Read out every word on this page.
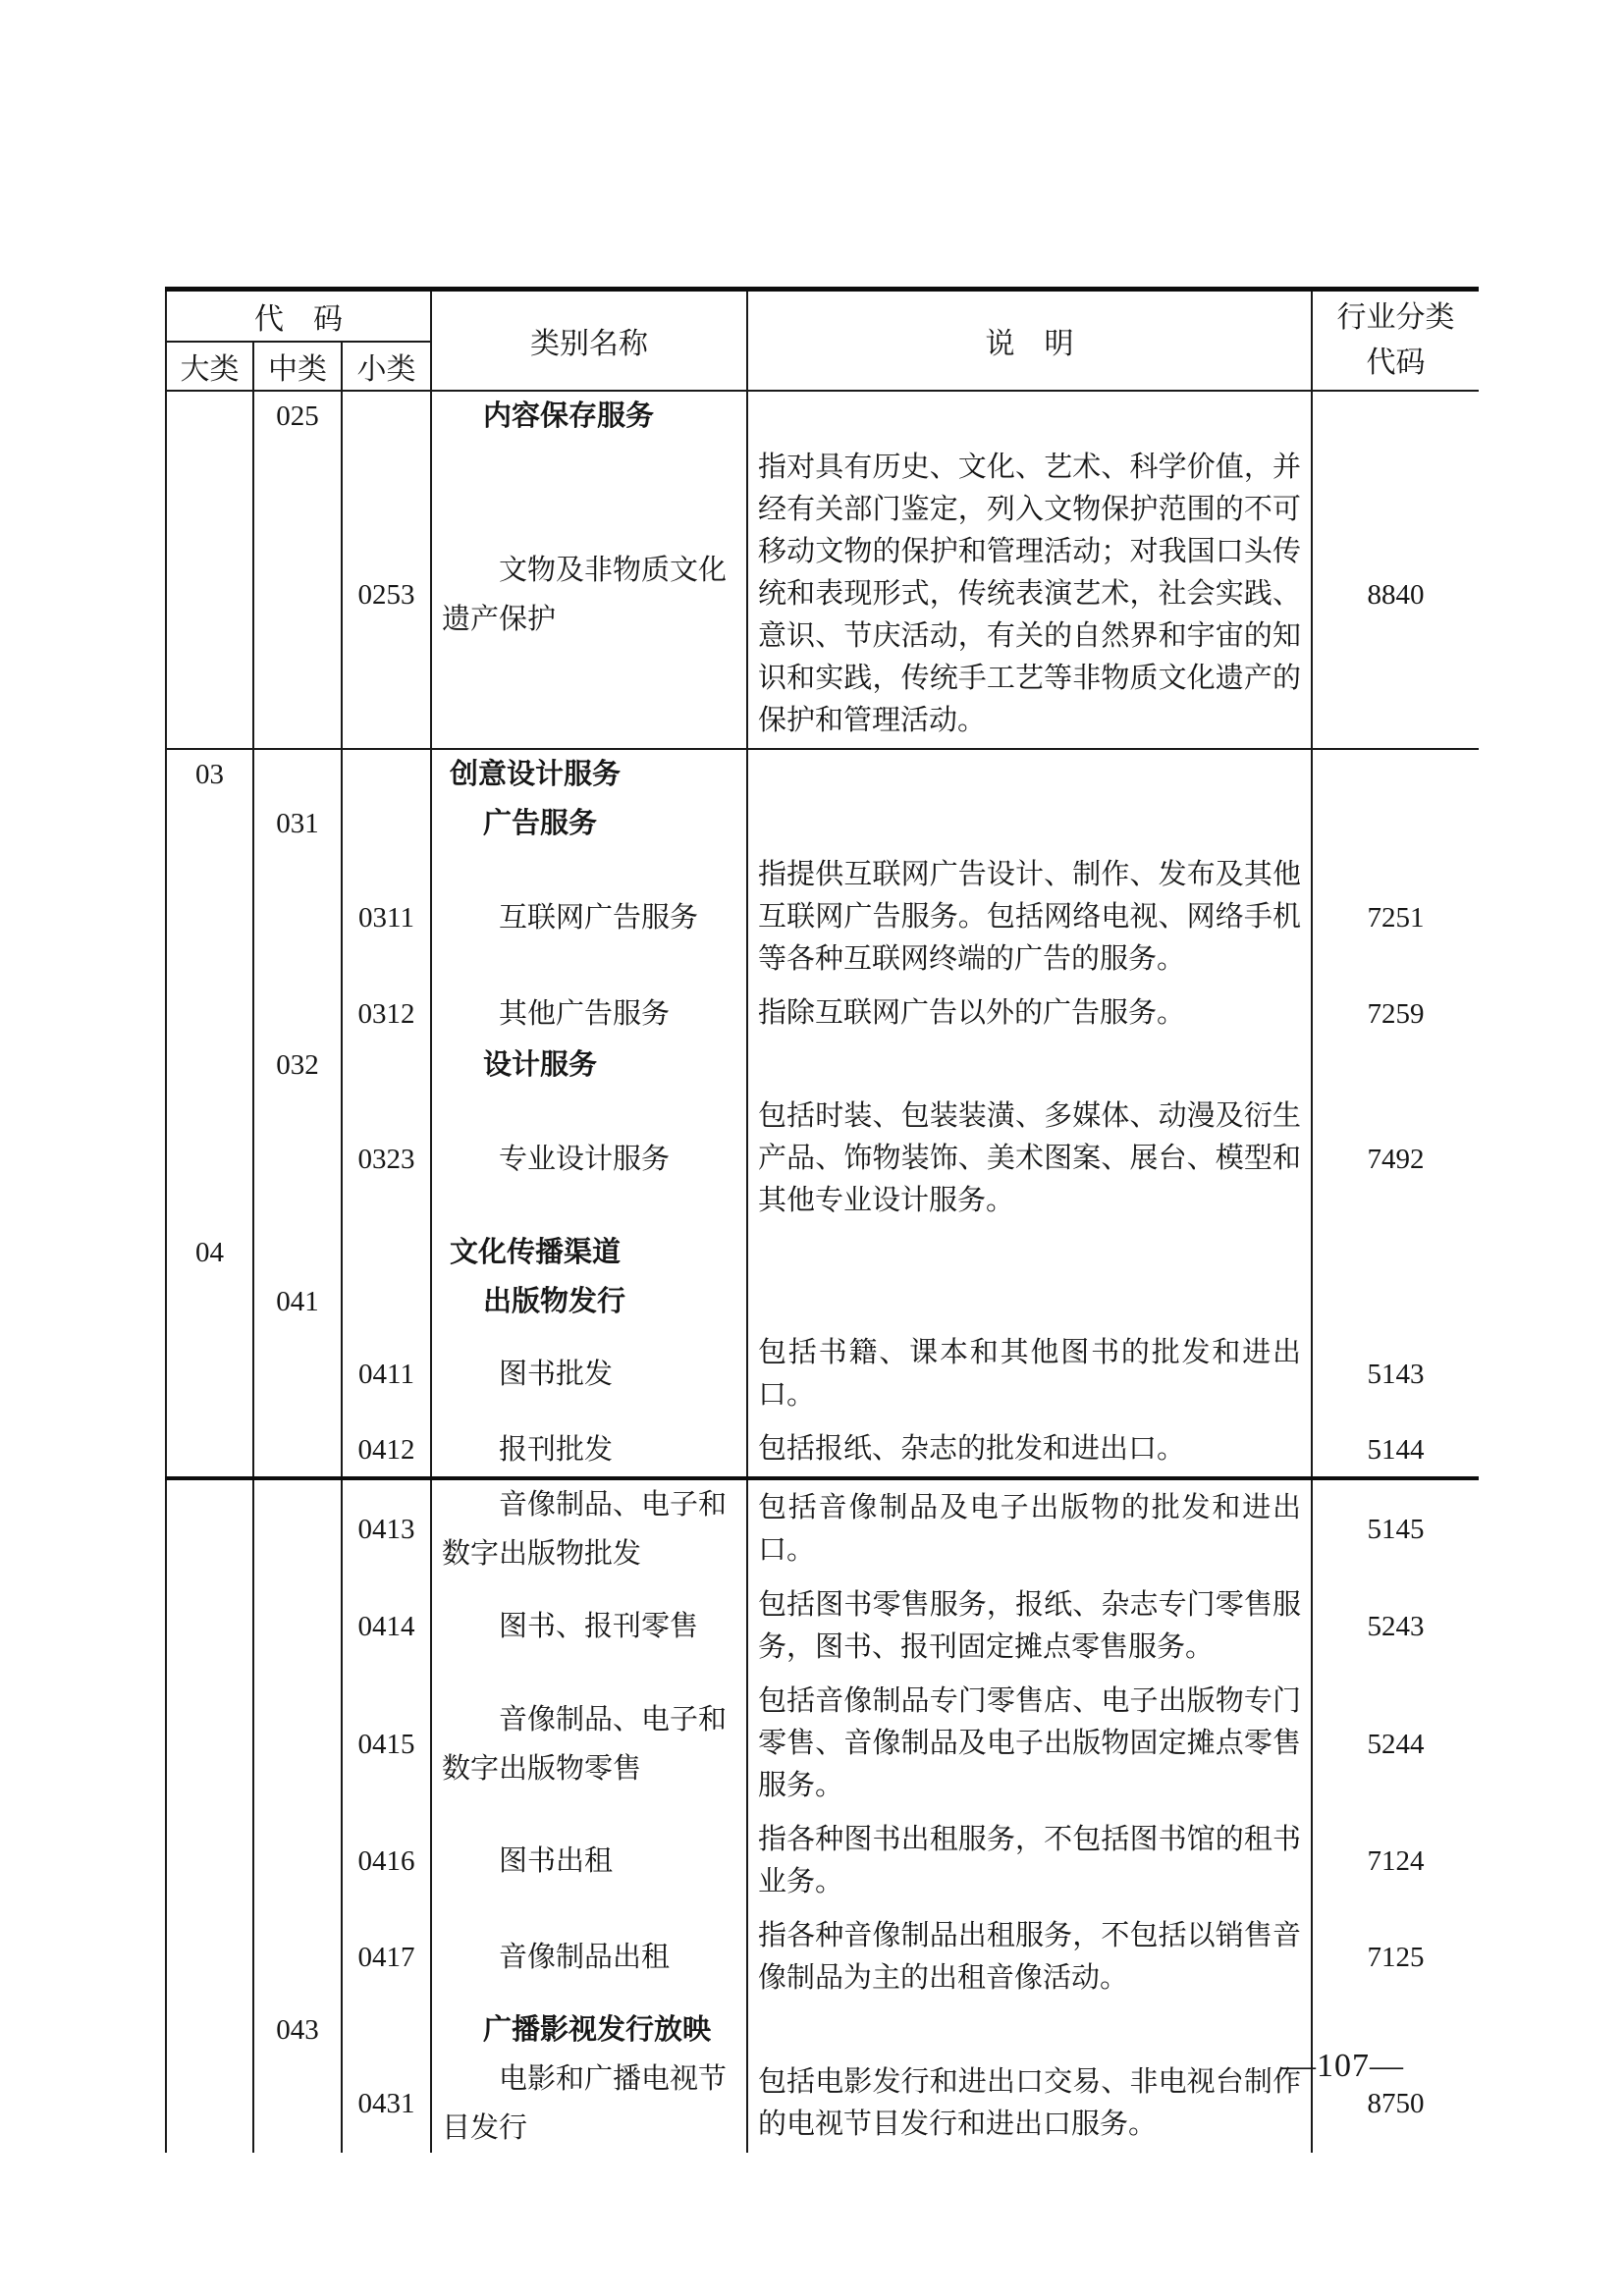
代　码			类别名称	说　明	行业分类代码
大类	中类	小类			
	025		内容保存服务		
		0253	文物及非物质文化遗产保护	指对具有历史、文化、艺术、科学价值，并经有关部门鉴定，列入文物保护范围的不可移动文物的保护和管理活动；对我国口头传统和表现形式，传统表演艺术，社会实践、意识、节庆活动，有关的自然界和宇宙的知识和实践，传统手工艺等非物质文化遗产的保护和管理活动。	8840
03			创意设计服务		
	031		广告服务		
		0311	互联网广告服务	指提供互联网广告设计、制作、发布及其他互联网广告服务。包括网络电视、网络手机等各种互联网终端的广告的服务。	7251
		0312	其他广告服务	指除互联网广告以外的广告服务。	7259
	032		设计服务		
		0323	专业设计服务	包括时装、包装装潢、多媒体、动漫及衍生产品、饰物装饰、美术图案、展台、模型和其他专业设计服务。	7492
04			文化传播渠道		
	041		出版物发行		
		0411	图书批发	包括书籍、课本和其他图书的批发和进出口。	5143
		0412	报刊批发	包括报纸、杂志的批发和进出口。	5144
		0413	音像制品、电子和数字出版物批发	包括音像制品及电子出版物的批发和进出口。	5145
		0414	图书、报刊零售	包括图书零售服务，报纸、杂志专门零售服务，图书、报刊固定摊点零售服务。	5243
		0415	音像制品、电子和数字出版物零售	包括音像制品专门零售店、电子出版物专门零售、音像制品及电子出版物固定摊点零售服务。	5244
		0416	图书出租	指各种图书出租服务，不包括图书馆的租书业务。	7124
		0417	音像制品出租	指各种音像制品出租服务，不包括以销售音像制品为主的出租音像活动。	7125
	043		广播影视发行放映		
		0431	电影和广播电视节目发行	包括电影发行和进出口交易、非电视台制作的电视节目发行和进出口服务。	8750
—107—
